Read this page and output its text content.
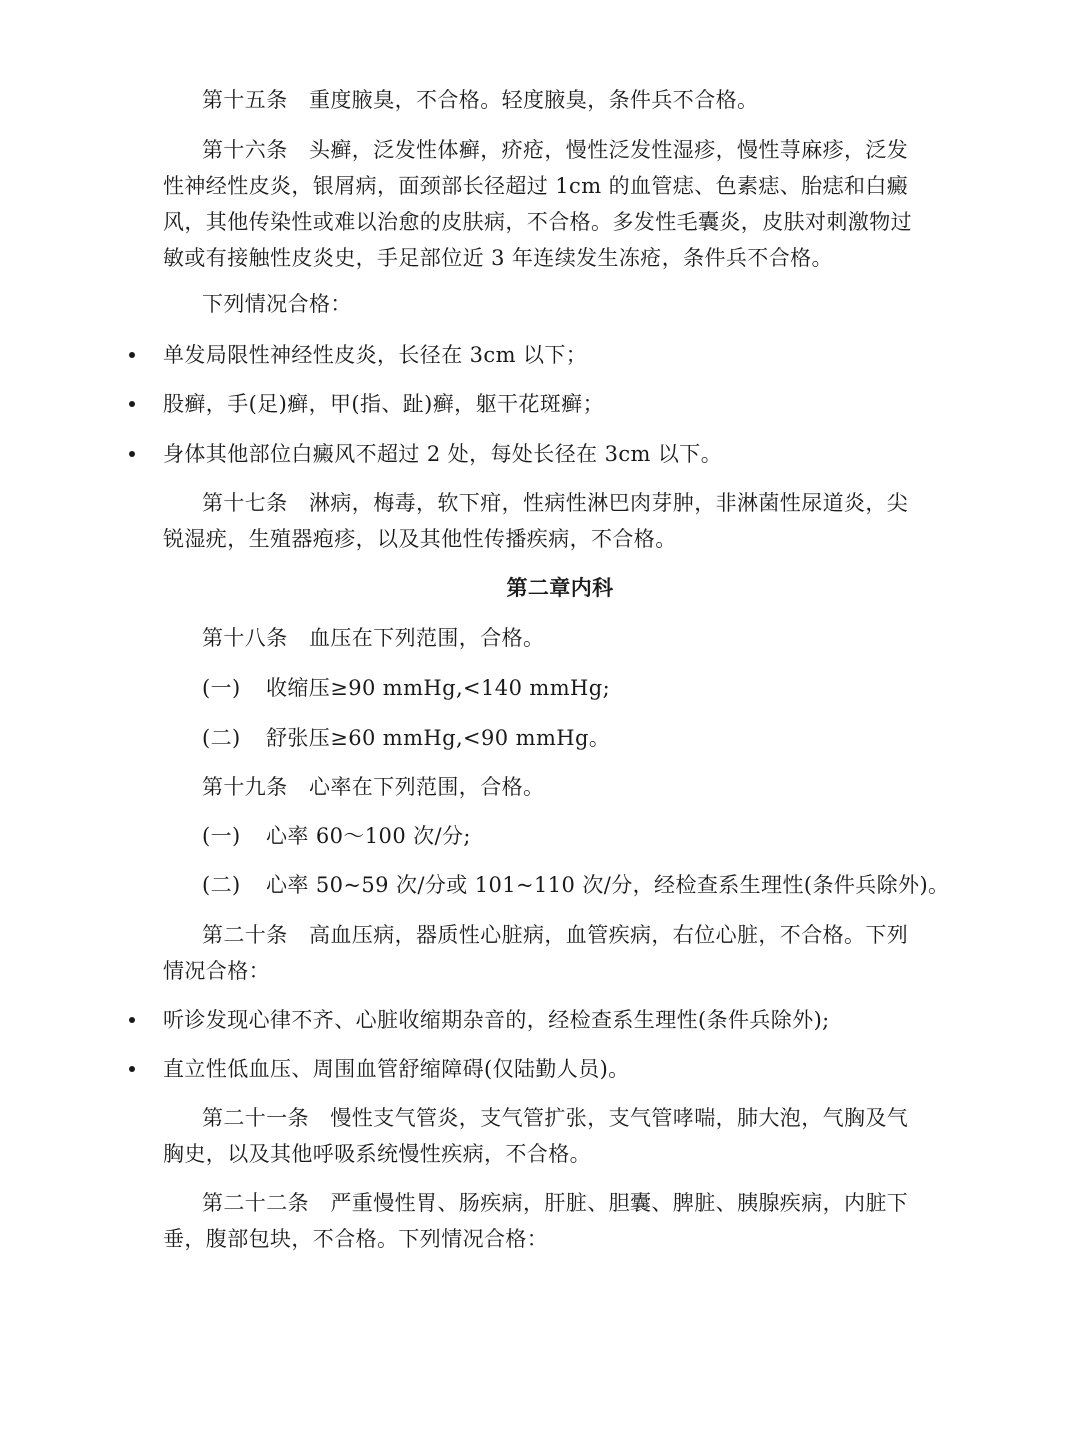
第十五条　重度腋臭，不合格。轻度腋臭，条件兵不合格。

第十六条　头癣，泛发性体癣，疥疮，慢性泛发性湿疹，慢性荨麻疹，泛发性神经性皮炎，银屑病，面颈部长径超过 1cm 的血管痣、色素痣、胎痣和白癜风，其他传染性或难以治愈的皮肤病，不合格。多发性毛囊炎，皮肤对刺激物过敏或有接触性皮炎史，手足部位近 3 年连续发生冻疮，条件兵不合格。

下列情况合格：

单发局限性神经性皮炎，长径在 3cm 以下；
股癣，手(足)癣，甲(指、趾)癣，躯干花斑癣；
身体其他部位白癜风不超过 2 处，每处长径在 3cm 以下。

第十七条　淋病，梅毒，软下疳，性病性淋巴肉芽肿，非淋菌性尿道炎，尖锐湿疣，生殖器疱疹，以及其他性传播疾病，不合格。

第二章内科

第十八条　血压在下列范围，合格。

(一) 收缩压≥90 mmHg,<140 mmHg;
(二) 舒张压≥60 mmHg,<90 mmHg。

第十九条　心率在下列范围，合格。

(一) 心率 60～100 次/分;
(二) 心率 50~59 次/分或 101~110 次/分，经检查系生理性(条件兵除外)。

第二十条　高血压病，器质性心脏病，血管疾病，右位心脏，不合格。下列情况合格：

听诊发现心律不齐、心脏收缩期杂音的，经检查系生理性(条件兵除外);
直立性低血压、周围血管舒缩障碍(仅陆勤人员)。

第二十一条　慢性支气管炎，支气管扩张，支气管哮喘，肺大泡，气胸及气胸史，以及其他呼吸系统慢性疾病，不合格。

第二十二条　严重慢性胃、肠疾病，肝脏、胆囊、脾脏、胰腺疾病，内脏下垂，腹部包块，不合格。下列情况合格：
